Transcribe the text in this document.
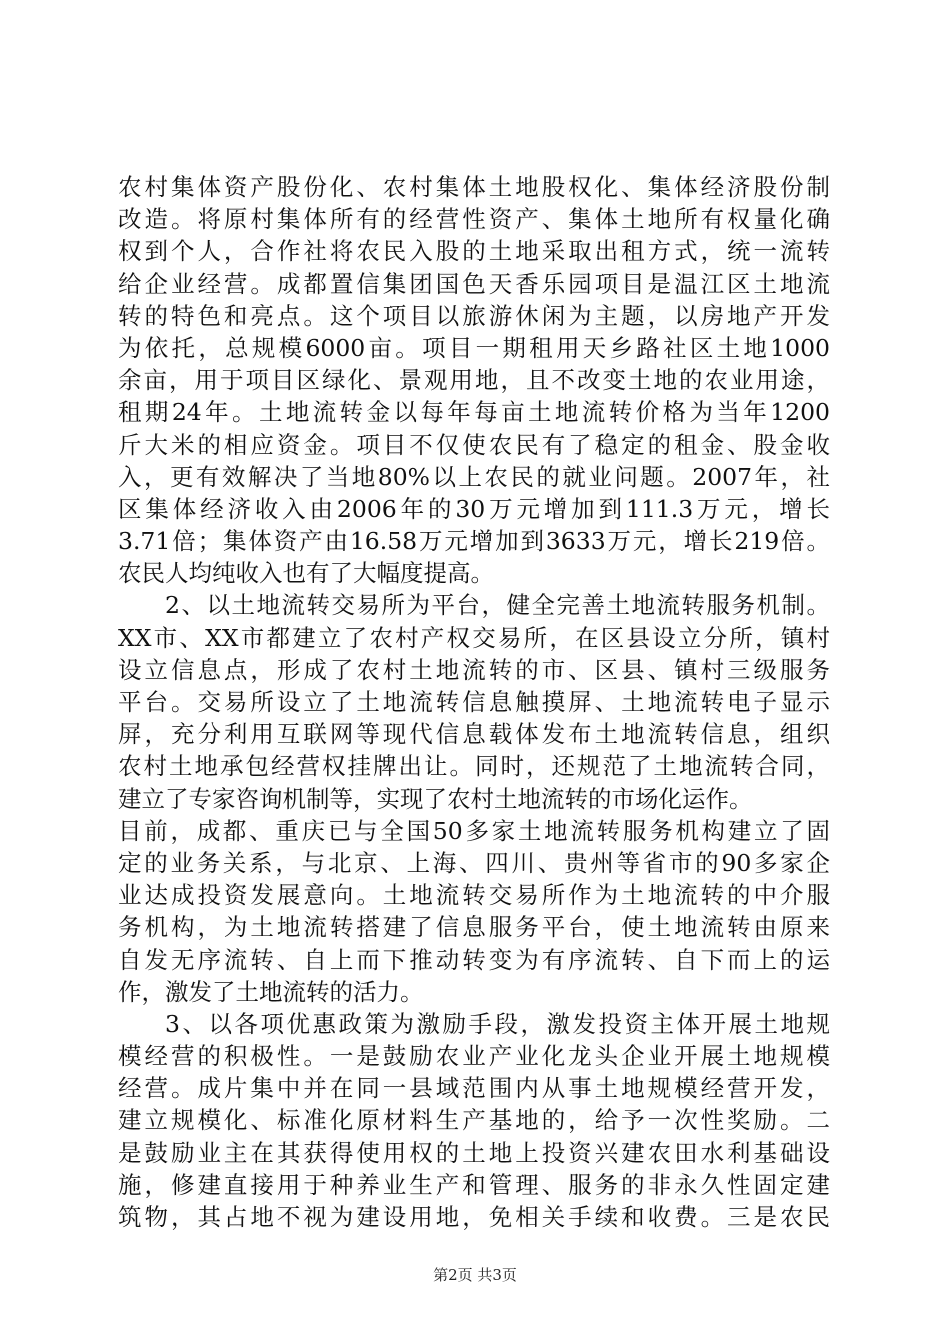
农村集体资产股份化、农村集体土地股权化、集体经济股份制
改造。将原村集体所有的经营性资产、集体土地所有权量化确
权到个人，合作社将农民入股的土地采取出租方式，统一流转
给企业经营。成都置信集团国色天香乐园项目是温江区土地流
转的特色和亮点。这个项目以旅游休闲为主题，以房地产开发
为依托，总规模6000亩。项目一期租用天乡路社区土地1000
余亩，用于项目区绿化、景观用地，且不改变土地的农业用途，
租期24年。土地流转金以每年每亩土地流转价格为当年1200
斤大米的相应资金。项目不仅使农民有了稳定的租金、股金收
入，更有效解决了当地80%以上农民的就业问题。2007年，社
区集体经济收入由2006年的30万元增加到111.3万元，增长
3.71倍；集体资产由16.58万元增加到3633万元，增长219倍。
农民人均纯收入也有了大幅度提高。
2、以土地流转交易所为平台，健全完善土地流转服务机制。
XX市、XX市都建立了农村产权交易所，在区县设立分所，镇村
设立信息点，形成了农村土地流转的市、区县、镇村三级服务
平台。交易所设立了土地流转信息触摸屏、土地流转电子显示
屏，充分利用互联网等现代信息载体发布土地流转信息，组织
农村土地承包经营权挂牌出让。同时，还规范了土地流转合同，
建立了专家咨询机制等，实现了农村土地流转的市场化运作。
目前，成都、重庆已与全国50多家土地流转服务机构建立了固
定的业务关系，与北京、上海、四川、贵州等省市的90多家企
业达成投资发展意向。土地流转交易所作为土地流转的中介服
务机构，为土地流转搭建了信息服务平台，使土地流转由原来
自发无序流转、自上而下推动转变为有序流转、自下而上的运
作，激发了土地流转的活力。
3、以各项优惠政策为激励手段，激发投资主体开展土地规
模经营的积极性。一是鼓励农业产业化龙头企业开展土地规模
经营。成片集中并在同一县域范围内从事土地规模经营开发，
建立规模化、标准化原材料生产基地的，给予一次性奖励。二
是鼓励业主在其获得使用权的土地上投资兴建农田水利基础设
施，修建直接用于种养业生产和管理、服务的非永久性固定建
筑物，其占地不视为建设用地，免相关手续和收费。三是农民
第2页 共3页
